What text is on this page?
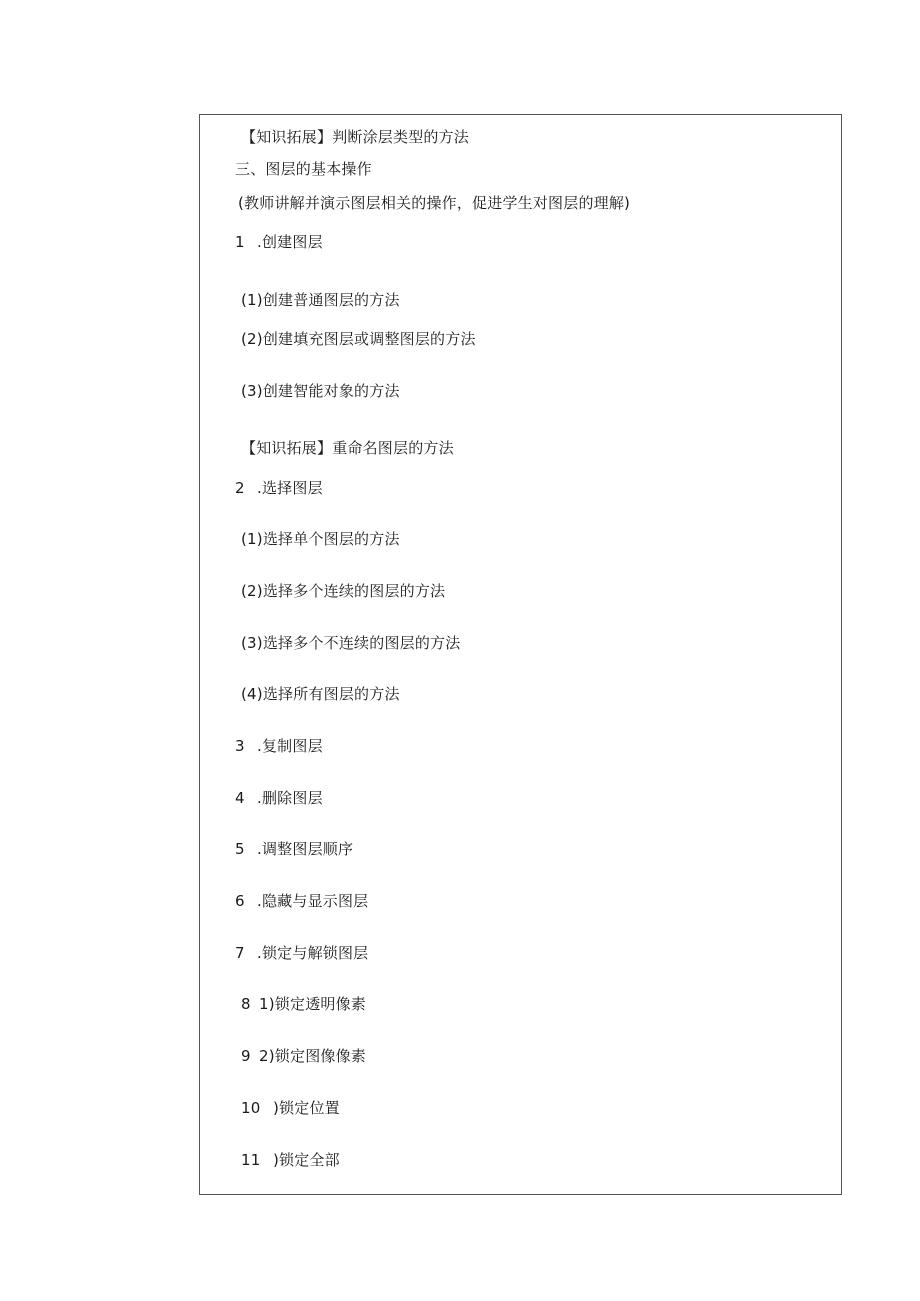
【知识拓展】判断涂层类型的方法
三、图层的基本操作
(教师讲解并演示图层相关的操作，促进学生对图层的理解)
1 .创建图层
(1)创建普通图层的方法
(2)创建填充图层或调整图层的方法
(3)创建智能对象的方法
【知识拓展】重命名图层的方法
2 .选择图层
(1)选择单个图层的方法
(2)选择多个连续的图层的方法
(3)选择多个不连续的图层的方法
(4)选择所有图层的方法
3 .复制图层
4 .删除图层
5 .调整图层顺序
6 .隐藏与显示图层
7 .锁定与解锁图层
8 1)锁定透明像素
9 2)锁定图像像素
10 )锁定位置
11 )锁定全部
